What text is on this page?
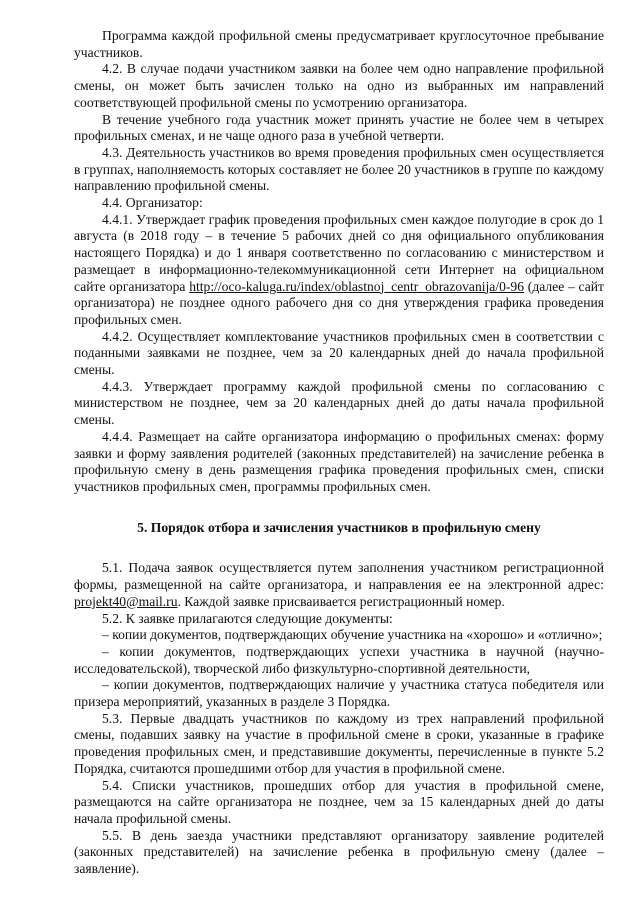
Программа каждой профильной смены предусматривает круглосуточное пребывание участников.

4.2. В случае подачи участником заявки на более чем одно направление профильной смены, он может быть зачислен только на одно из выбранных им направлений соответствующей профильной смены по усмотрению организатора.

В течение учебного года участник может принять участие не более чем в четырех профильных сменах, и не чаще одного раза в учебной четверти.

4.3. Деятельность участников во время проведения профильных смен осуществляется в группах, наполняемость которых составляет не более 20 участников в группе по каждому направлению профильной смены.

4.4. Организатор:

4.4.1. Утверждает график проведения профильных смен каждое полугодие в срок до 1 августа (в 2018 году – в течение 5 рабочих дней со дня официального опубликования настоящего Порядка) и до 1 января соответственно по согласованию с министерством и размещает в информационно-телекоммуникационной сети Интернет на официальном сайте организатора http://oco-kaluga.ru/index/oblastnoj_centr_obrazovanija/0-96 (далее – сайт организатора) не позднее одного рабочего дня со дня утверждения графика проведения профильных смен.

4.4.2. Осуществляет комплектование участников профильных смен в соответствии с поданными заявками не позднее, чем за 20 календарных дней до начала профильной смены.

4.4.3. Утверждает программу каждой профильной смены по согласованию с министерством не позднее, чем за 20 календарных дней до даты начала профильной смены.

4.4.4. Размещает на сайте организатора информацию о профильных сменах: форму заявки и форму заявления родителей (законных представителей) на зачисление ребенка в профильную смену в день размещения графика проведения профильных смен, списки участников профильных смен, программы профильных смен.

5. Порядок отбора и зачисления участников в профильную смену

5.1. Подача заявок осуществляется путем заполнения участником регистрационной формы, размещенной на сайте организатора, и направления ее на электронной адрес: projekt40@mail.ru. Каждой заявке присваивается регистрационный номер.

5.2. К заявке прилагаются следующие документы:

– копии документов, подтверждающих обучение участника на «хорошо» и «отлично»;

– копии документов, подтверждающих успехи участника в научной (научно-исследовательской), творческой либо физкультурно-спортивной деятельности,

– копии документов, подтверждающих наличие у участника статуса победителя или призера мероприятий, указанных в разделе 3 Порядка.

5.3. Первые двадцать участников по каждому из трех направлений профильной смены, подавших заявку на участие в профильной смене в сроки, указанные в графике проведения профильных смен, и представившие документы, перечисленные в пункте 5.2 Порядка, считаются прошедшими отбор для участия в профильной смене.

5.4. Списки участников, прошедших отбор для участия в профильной смене, размещаются на сайте организатора не позднее, чем за 15 календарных дней до даты начала профильной смены.

5.5. В день заезда участники представляют организатору заявление родителей (законных представителей) на зачисление ребенка в профильную смену (далее – заявление).
